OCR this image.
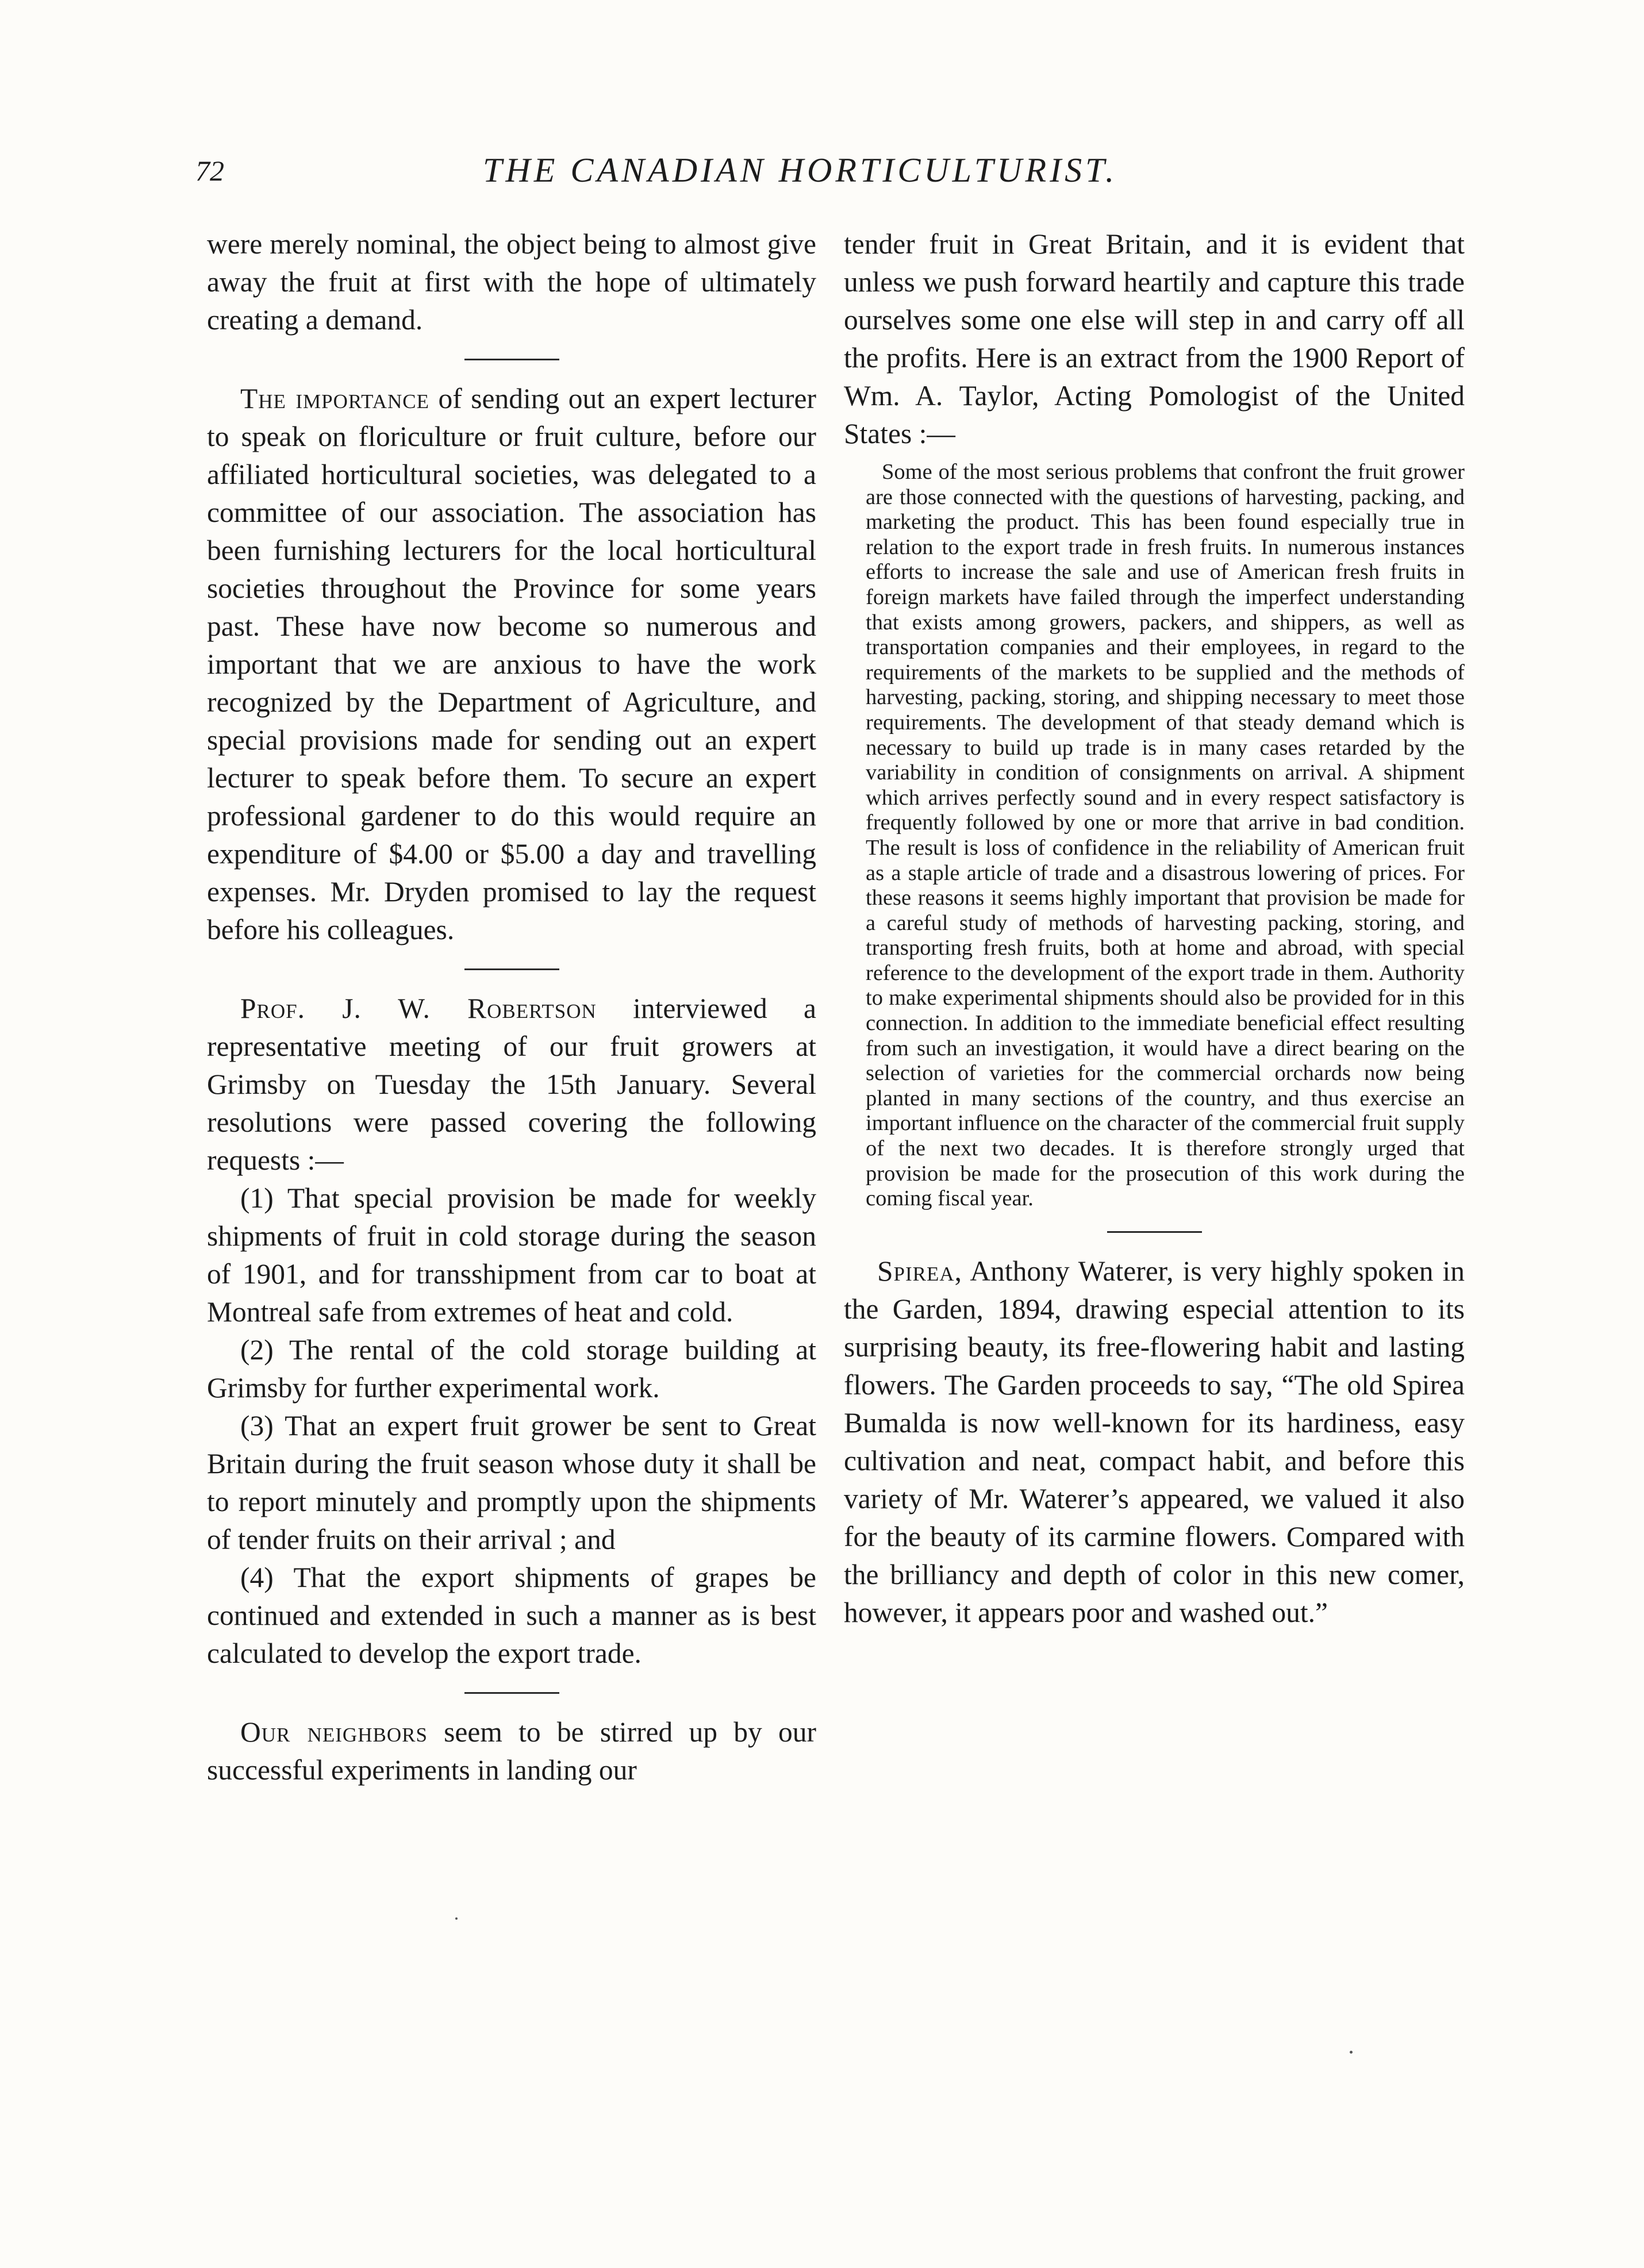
72	THE CANADIAN HORTICULTURIST.

were merely nominal, the object being to almost give away the fruit at first with the hope of ultimately creating a demand.

The importance of sending out an expert lecturer to speak on floriculture or fruit culture, before our affiliated horticultural societies, was delegated to a committee of our association. The association has been furnishing lecturers for the local horticultural societies throughout the Province for some years past. These have now become so numerous and important that we are anxious to have the work recognized by the Department of Agriculture, and special provisions made for sending out an expert lecturer to speak before them. To secure an expert professional gardener to do this would require an expenditure of $4.00 or $5.00 a day and travelling expenses. Mr. Dryden promised to lay the request before his colleagues.

Prof. J. W. Robertson interviewed a representative meeting of our fruit growers at Grimsby on Tuesday the 15th January. Several resolutions were passed covering the following requests :—

(1) That special provision be made for weekly shipments of fruit in cold storage during the season of 1901, and for transshipment from car to boat at Montreal safe from extremes of heat and cold.

(2) The rental of the cold storage building at Grimsby for further experimental work.

(3) That an expert fruit grower be sent to Great Britain during the fruit season whose duty it shall be to report minutely and promptly upon the shipments of tender fruits on their arrival ; and

(4) That the export shipments of grapes be continued and extended in such a manner as is best calculated to develop the export trade.

Our neighbors seem to be stirred up by our successful experiments in landing our

tender fruit in Great Britain, and it is evident that unless we push forward heartily and capture this trade ourselves some one else will step in and carry off all the profits. Here is an extract from the 1900 Report of Wm. A. Taylor, Acting Pomologist of the United States :—

Some of the most serious problems that confront the fruit grower are those connected with the questions of harvesting, packing, and marketing the product. This has been found especially true in relation to the export trade in fresh fruits. In numerous instances efforts to increase the sale and use of American fresh fruits in foreign markets have failed through the imperfect understanding that exists among growers, packers, and shippers, as well as transportation companies and their employees, in regard to the requirements of the markets to be supplied and the methods of harvesting, packing, storing, and shipping necessary to meet those requirements. The development of that steady demand which is necessary to build up trade is in many cases retarded by the variability in condition of consignments on arrival. A shipment which arrives perfectly sound and in every respect satisfactory is frequently followed by one or more that arrive in bad condition. The result is loss of confidence in the reliability of American fruit as a staple article of trade and a disastrous lowering of prices. For these reasons it seems highly important that provision be made for a careful study of methods of harvesting packing, storing, and transporting fresh fruits, both at home and abroad, with special reference to the development of the export trade in them. Authority to make experimental shipments should also be provided for in this connection. In addition to the immediate beneficial effect resulting from such an investigation, it would have a direct bearing on the selection of varieties for the commercial orchards now being planted in many sections of the country, and thus exercise an important influence on the character of the commercial fruit supply of the next two decades. It is therefore strongly urged that provision be made for the prosecution of this work during the coming fiscal year.

Spirea, Anthony Waterer, is very highly spoken in the Garden, 1894, drawing especial attention to its surprising beauty, its free-flowering habit and lasting flowers. The Garden proceeds to say, “The old Spirea Bumalda is now well-known for its hardiness, easy cultivation and neat, compact habit, and before this variety of Mr. Waterer’s appeared, we valued it also for the beauty of its carmine flowers. Compared with the brilliancy and depth of color in this new comer, however, it appears poor and washed out.”
